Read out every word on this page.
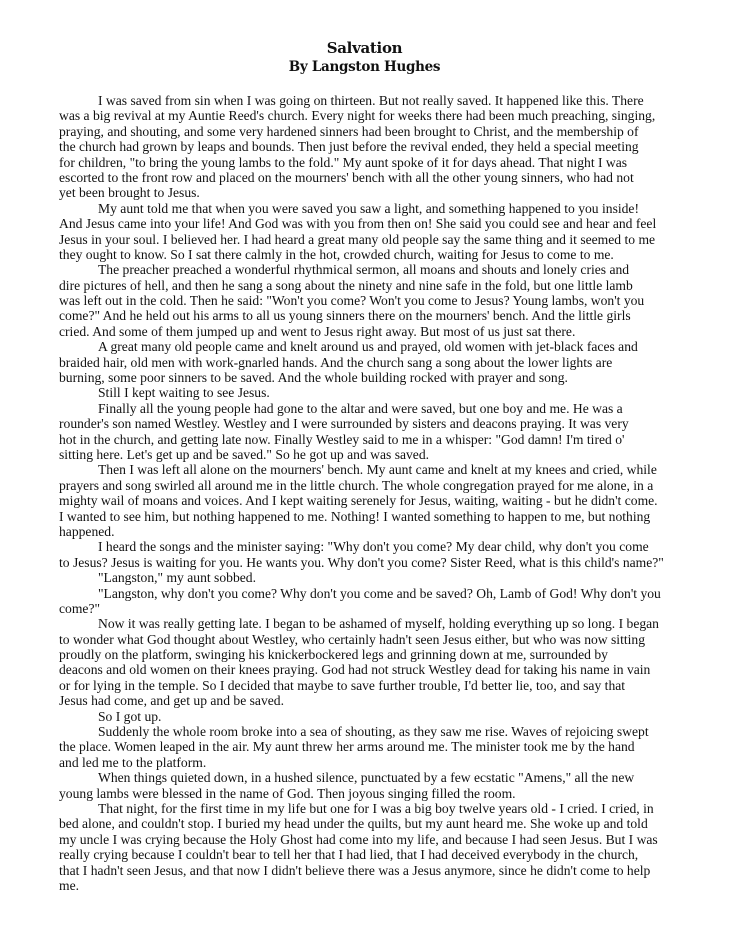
Salvation
By Langston Hughes
I was saved from sin when I was going on thirteen. But not really saved. It happened like this. There
was a big revival at my Auntie Reed's church. Every night for weeks there had been much preaching, singing,
praying, and shouting, and some very hardened sinners had been brought to Christ, and the membership of
the church had grown by leaps and bounds. Then just before the revival ended, they held a special meeting
for children, "to bring the young lambs to the fold." My aunt spoke of it for days ahead. That night I was
escorted to the front row and placed on the mourners' bench with all the other young sinners, who had not
yet been brought to Jesus.
My aunt told me that when you were saved you saw a light, and something happened to you inside!
And Jesus came into your life! And God was with you from then on! She said you could see and hear and feel
Jesus in your soul. I believed her. I had heard a great many old people say the same thing and it seemed to me
they ought to know. So I sat there calmly in the hot, crowded church, waiting for Jesus to come to me.
The preacher preached a wonderful rhythmical sermon, all moans and shouts and lonely cries and
dire pictures of hell, and then he sang a song about the ninety and nine safe in the fold, but one little lamb
was left out in the cold. Then he said: "Won't you come? Won't you come to Jesus? Young lambs, won't you
come?" And he held out his arms to all us young sinners there on the mourners' bench. And the little girls
cried. And some of them jumped up and went to Jesus right away. But most of us just sat there.
A great many old people came and knelt around us and prayed, old women with jet-black faces and
braided hair, old men with work-gnarled hands. And the church sang a song about the lower lights are
burning, some poor sinners to be saved. And the whole building rocked with prayer and song.
Still I kept waiting to see Jesus.
Finally all the young people had gone to the altar and were saved, but one boy and me. He was a
rounder's son named Westley. Westley and I were surrounded by sisters and deacons praying. It was very
hot in the church, and getting late now. Finally Westley said to me in a whisper: "God damn! I'm tired o'
sitting here. Let's get up and be saved." So he got up and was saved.
Then I was left all alone on the mourners' bench. My aunt came and knelt at my knees and cried, while
prayers and song swirled all around me in the little church. The whole congregation prayed for me alone, in a
mighty wail of moans and voices. And I kept waiting serenely for Jesus, waiting, waiting - but he didn't come.
I wanted to see him, but nothing happened to me. Nothing! I wanted something to happen to me, but nothing
happened.
I heard the songs and the minister saying: "Why don't you come? My dear child, why don't you come
to Jesus? Jesus is waiting for you. He wants you. Why don't you come? Sister Reed, what is this child's name?"
"Langston," my aunt sobbed.
"Langston, why don't you come? Why don't you come and be saved? Oh, Lamb of God! Why don't you
come?"
Now it was really getting late. I began to be ashamed of myself, holding everything up so long. I began
to wonder what God thought about Westley, who certainly hadn't seen Jesus either, but who was now sitting
proudly on the platform, swinging his knickerbockered legs and grinning down at me, surrounded by
deacons and old women on their knees praying. God had not struck Westley dead for taking his name in vain
or for lying in the temple. So I decided that maybe to save further trouble, I'd better lie, too, and say that
Jesus had come, and get up and be saved.
So I got up.
Suddenly the whole room broke into a sea of shouting, as they saw me rise. Waves of rejoicing swept
the place. Women leaped in the air. My aunt threw her arms around me. The minister took me by the hand
and led me to the platform.
When things quieted down, in a hushed silence, punctuated by a few ecstatic "Amens," all the new
young lambs were blessed in the name of God. Then joyous singing filled the room.
That night, for the first time in my life but one for I was a big boy twelve years old - I cried. I cried, in
bed alone, and couldn't stop. I buried my head under the quilts, but my aunt heard me. She woke up and told
my uncle I was crying because the Holy Ghost had come into my life, and because I had seen Jesus. But I was
really crying because I couldn't bear to tell her that I had lied, that I had deceived everybody in the church,
that I hadn't seen Jesus, and that now I didn't believe there was a Jesus anymore, since he didn't come to help
me.
